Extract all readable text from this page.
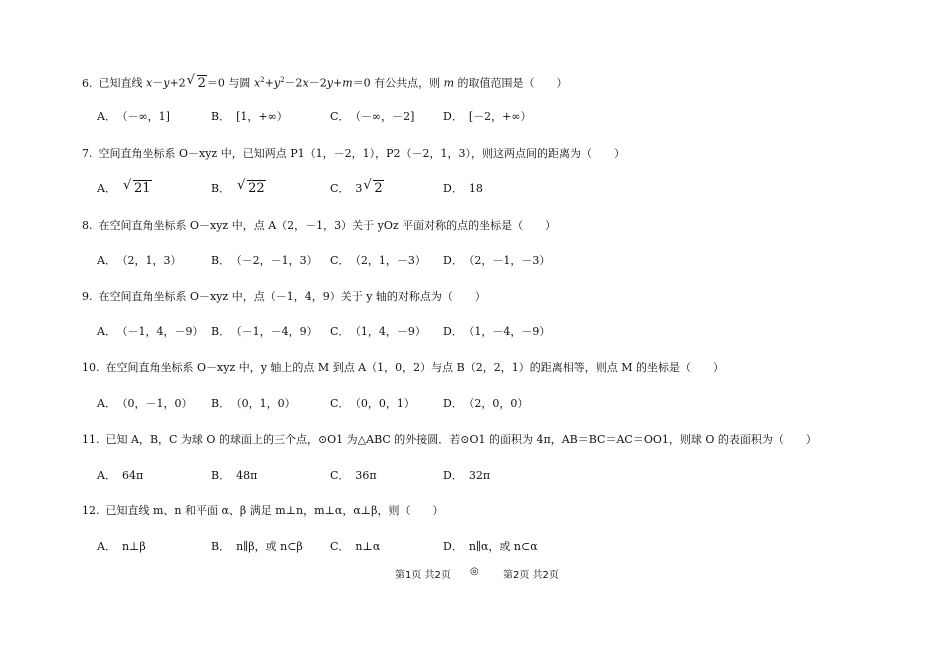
6. 已知直线 x－y+2 √ 2＝0 与圆 $x^2+y^2-2x-2y+m=0$ 有公共点，则 m 的取值范围是（　　）
A． （－∞，1]	B． [1，+∞）	C． （－∞，－2]	D． [－2，+∞）
7. 空间直角坐标系 O－xyz 中，已知两点 P1（1，－2，1），P2（－2，1，3），则这两点间的距离为（　　）
A． √ 21	B． √ 22	C． 3 √ 2	D． 18
8. 在空间直角坐标系 O－xyz 中，点 A（2，－1，3）关于 yOz 平面对称的点的坐标是（　　）
A． （2，1，3）	B． （－2，－1，3） C． （2，1，－3） D． （2，－1，－3）
9. 在空间直角坐标系 O－xyz 中，点（－1，4，9）关于 y 轴的对称点为（　　）
A． （－1，4，－9） B． （－1，－4，9） C． （1，4，－9） D． （1，－4，－9）
10. 在空间直角坐标系 O－xyz 中，y 轴上的点 M 到点 A（1，0，2）与点 B（2，2，1）的距离相等，则点 M 的坐标是（　　）
A． （0，－1，0） B． （0，1，0）	C． （0，0，1）	D． （2，0，0）
11. 已知 A，B，C 为球 O 的球面上的三个点，⊙O1 为△ABC 的外接圆．若⊙O1 的面积为 4π，AB＝BC＝AC＝OO1，则球 O 的表面积为（　　）
A． 64π	B． 48π	C． 36π	D． 32π
12. 已知直线 m、n 和平面 α、β 满足 m⊥n，m⊥α，α⊥β，则（　　）
A． n⊥β	B． n∥β，或 n⊂β C． n⊥α	D． n∥α，或 n⊂α
第1页 共2页 ◎ 第2页 共2页
